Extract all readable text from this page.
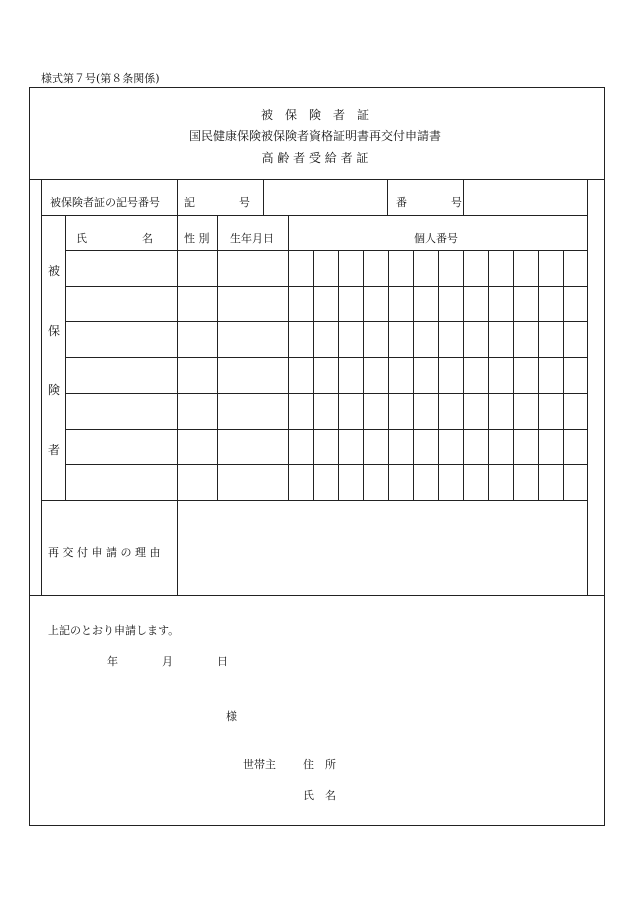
様式第７号(第８条関係)
被　保　険　者　証
国民健康保険被保険者資格証明書再交付申請書
高 齢 者 受 給 者 証
被保険者証の記号番号 記　　　　号	番　　　　号
氏　　　　　名	性 別 生年月日	個人番号
被
保
険
者
再 交 付 申 請 の 理 由
上記のとおり申請します。
年　　　　月　　　　日
様
世帯主 住　所
氏　名
